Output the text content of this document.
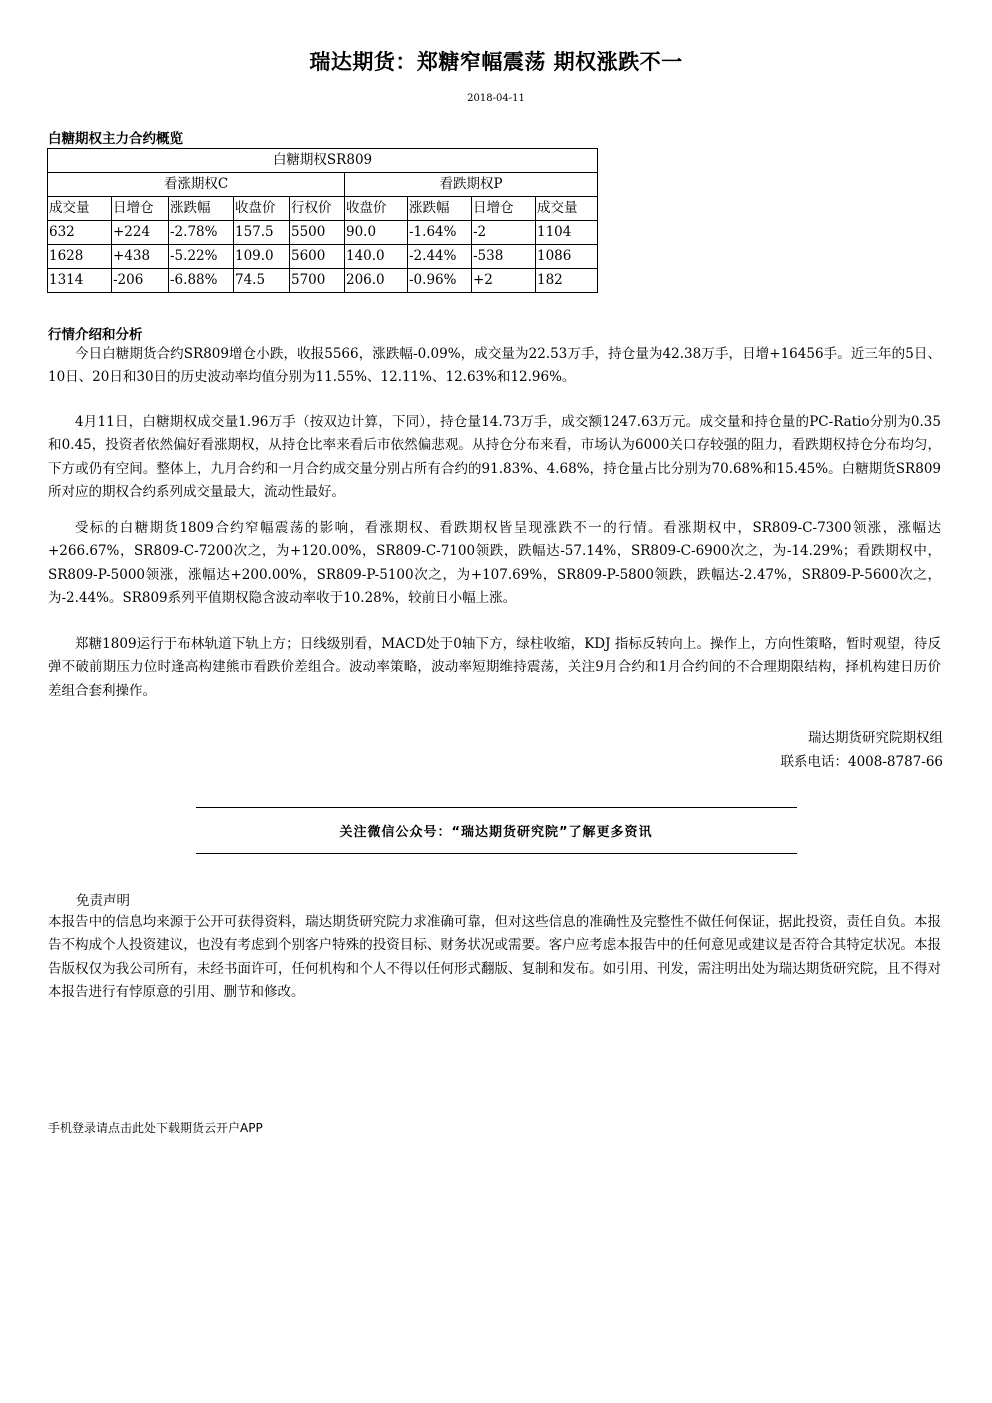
瑞达期货：郑糖窄幅震荡 期权涨跌不一
2018-04-11
白糖期权主力合约概览
白糖期权SR809								
看涨期权C					看跌期权P			
成交量	日增仓	涨跌幅	收盘价	行权价	收盘价	涨跌幅	日增仓	成交量
632	+224	-2.78%	157.5	5500	90.0	-1.64%	-2	1104
1628	+438	-5.22%	109.0	5600	140.0	-2.44%	-538	1086
1314	-206	-6.88%	74.5	5700	206.0	-0.96%	+2	182
行情介绍和分析

今日白糖期货合约SR809增仓小跌，收报5566，涨跌幅-0.09%，成交量为22.53万手，持仓量为42.38万手，日增+16456手。近三年的5日、10日、20日和30日的历史波动率均值分别为11.55%、12.11%、12.63%和12.96%。

4月11日，白糖期权成交量1.96万手（按双边计算，下同），持仓量14.73万手，成交额1247.63万元。成交量和持仓量的PC-Ratio分别为0.35和0.45，投资者依然偏好看涨期权，从持仓比率来看后市依然偏悲观。从持仓分布来看，市场认为6000关口存较强的阻力，看跌期权持仓分布均匀，下方或仍有空间。整体上，九月合约和一月合约成交量分别占所有合约的91.83%、4.68%，持仓量占比分别为70.68%和15.45%。白糖期货SR809所对应的期权合约系列成交量最大，流动性最好。

受标的白糖期货1809合约窄幅震荡的影响，看涨期权、看跌期权皆呈现涨跌不一的行情。看涨期权中，SR809-C-7300领涨，涨幅达+266.67%，SR809-C-7200次之，为+120.00%，SR809-C-7100领跌，跌幅达-57.14%，SR809-C-6900次之，为-14.29%；看跌期权中，SR809-P-5000领涨，涨幅达+200.00%，SR809-P-5100次之，为+107.69%，SR809-P-5800领跌，跌幅达-2.47%，SR809-P-5600次之，为-2.44%。SR809系列平值期权隐含波动率收于10.28%，较前日小幅上涨。

郑糖1809运行于布林轨道下轨上方；日线级别看，MACD处于0轴下方，绿柱收缩，KDJ 指标反转向上。操作上，方向性策略，暂时观望，待反弹不破前期压力位时逢高构建熊市看跌价差组合。波动率策略，波动率短期维持震荡，关注9月合约和1月合约间的不合理期限结构，择机构建日历价差组合套利操作。

瑞达期货研究院期权组
联系电话：4008-8787-66
关注微信公众号：“瑞达期货研究院”了解更多资讯
免责声明
本报告中的信息均来源于公开可获得资料，瑞达期货研究院力求准确可靠，但对这些信息的准确性及完整性不做任何保证，据此投资，责任自负。本报告不构成个人投资建议，也没有考虑到个别客户特殊的投资目标、财务状况或需要。客户应考虑本报告中的任何意见或建议是否符合其特定状况。本报告版权仅为我公司所有，未经书面许可，任何机构和个人不得以任何形式翻版、复制和发布。如引用、刊发，需注明出处为瑞达期货研究院，且不得对本报告进行有悖原意的引用、删节和修改。
手机登录请点击此处下载期货云开户APP
